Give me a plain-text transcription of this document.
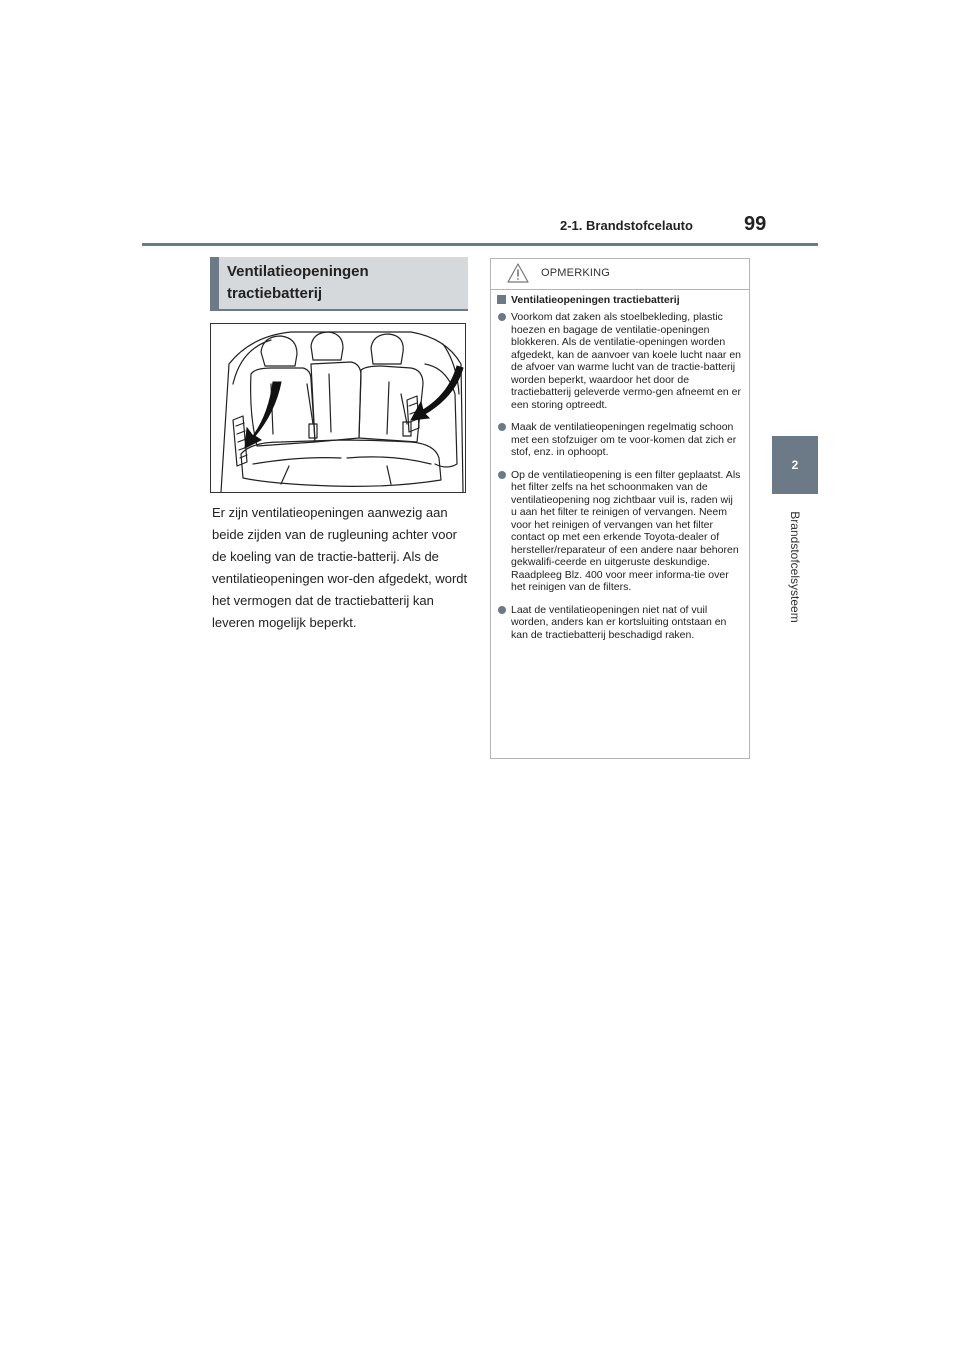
2-1. Brandstofcelauto	99
2
Brandstofcelsysteem
Ventilatieopeningen tractiebatterij
Er zijn ventilatieopeningen aanwezig aan beide zijden van de rugleuning achter voor de koeling van de tractie-batterij. Als de ventilatieopeningen wor-den afgedekt, wordt het vermogen dat de tractiebatterij kan leveren mogelijk beperkt.
OPMERKING
Ventilatieopeningen tractiebatterij
Voorkom dat zaken als stoelbekleding, plastic hoezen en bagage de ventilatie-openingen blokkeren. Als de ventilatie-openingen worden afgedekt, kan de aanvoer van koele lucht naar en de afvoer van warme lucht van de tractie-batterij worden beperkt, waardoor het door de tractiebatterij geleverde vermo-gen afneemt en er een storing optreedt.
Maak de ventilatieopeningen regelmatig schoon met een stofzuiger om te voor-komen dat zich er stof, enz. in ophoopt.
Op de ventilatieopening is een filter geplaatst. Als het filter zelfs na het schoonmaken van de ventilatieopening nog zichtbaar vuil is, raden wij u aan het filter te reinigen of vervangen. Neem voor het reinigen of vervangen van het filter contact op met een erkende Toyota-dealer of hersteller/reparateur of een andere naar behoren gekwalifi-ceerde en uitgeruste deskundige. Raadpleeg Blz. 400 voor meer informa-tie over het reinigen van de filters.
Laat de ventilatieopeningen niet nat of vuil worden, anders kan er kortsluiting ontstaan en kan de tractiebatterij beschadigd raken.
